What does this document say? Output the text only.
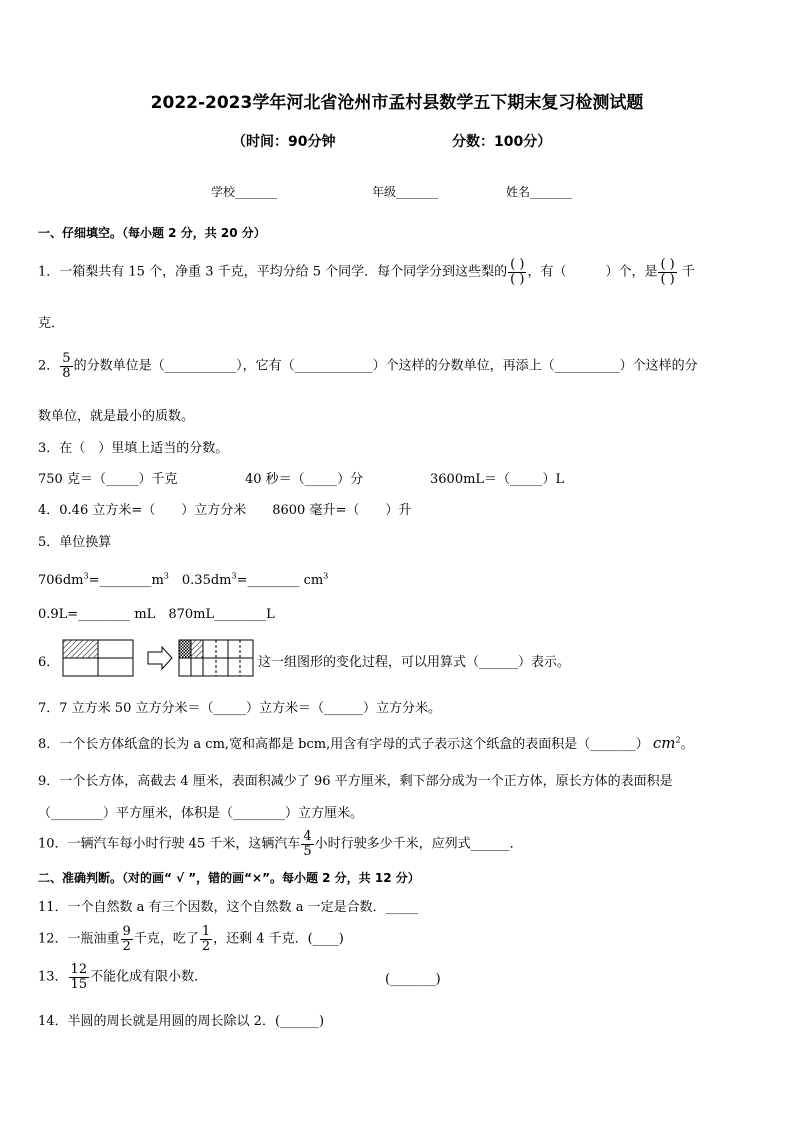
2022-2023学年河北省沧州市孟村县数学五下期末复习检测试题
（时间：90分钟	分数：100分）
学校_______	年级_______	姓名_______
一、仔细填空。（每小题 2 分，共 20 分）
1．一箱梨共有 15 个，净重 3 千克，平均分给 5 个同学．每个同学分到这些梨的 $\frac{( )}{( )}$ ，有（　　　）个，是 $\frac{( )}{( )}$ 千
克．
2． $\frac{5}{8}$ 的分数单位是（___________），它有（____________）个这样的分数单位，再添上（__________）个这样的分
数单位，就是最小的质数。
3．在（　）里填上适当的分数。
750 克＝（_____）千克	40 秒＝（_____）分	3600mL＝（_____）L
4．0.46 立方米=（　　）立方分米　　8600 毫升=（　　）升
5．单位换算
$706dm^3=\_\_\_\_\_\_\_\_m^3$　 $0.35dm^3=\_\_\_\_\_\_\_\_$ $cm^3$
0.9L=________ mL　 870mL________L
6．	这一组图形的变化过程，可以用算式（______）表示。
7．7 立方米 50 立方分米＝（_____）立方米＝（______）立方分米。
8．一个长方体纸盒的长为 a cm,宽和高都是 bcm,用含有字母的式子表示这个纸盒的表面积是（_______） $cm^2$。
9．一个长方体，高截去 4 厘米，表面积减少了 96 平方厘米，剩下部分成为一个正方体，原长方体的表面积是
（________）平方厘米，体积是（________）立方厘米。
10．一辆汽车每小时行驶 45 千米，这辆汽车 $\frac{4}{5}$ 小时行驶多少千米，应列式______．
二、准确判断。（对的画“ √ ”，错的画“×”。每小题 2 分，共 12 分）
11．一个自然数 a 有三个因数，这个自然数 a 一定是合数．_____
12．一瓶油重 $\frac{9}{2}$ 千克，吃了 $\frac{1}{2}$ ，还剩 4 千克．(____)
13． $\frac{12}{15}$ 不能化成有限小数．	(_______)
14．半圆的周长就是用圆的周长除以 2．(______)
